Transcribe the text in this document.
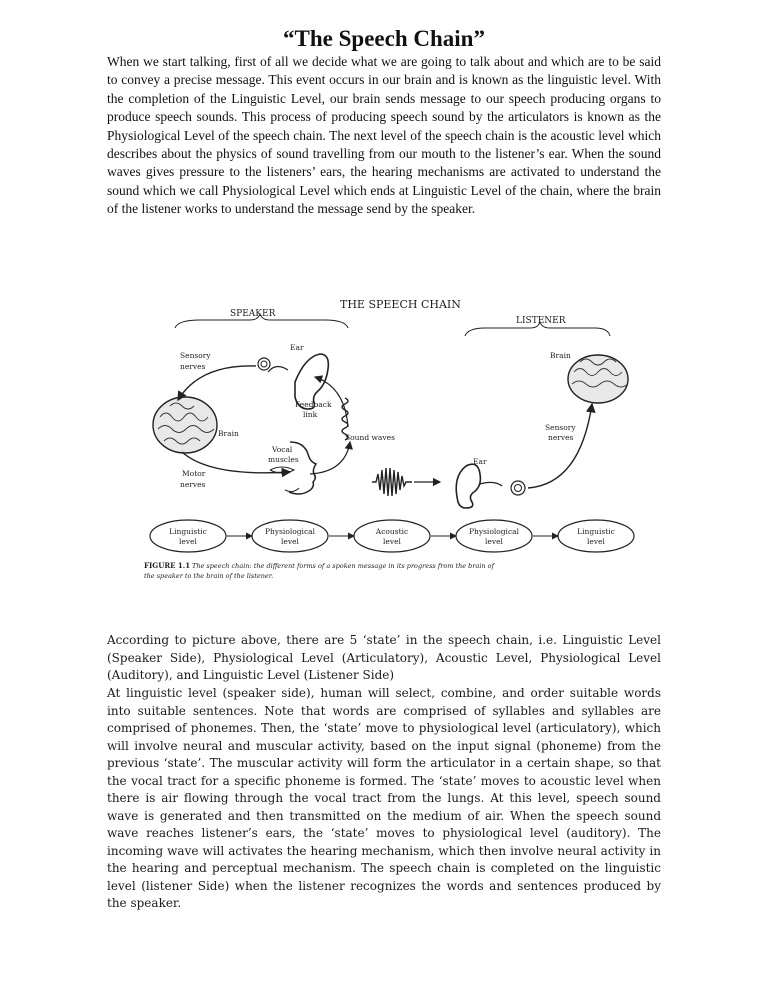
“The Speech Chain”

When we start talking, first of all we decide what we are going to talk about and which are to be said to convey a precise message. This event occurs in our brain and is known as the linguistic level. With the completion of the Linguistic Level, our brain sends message to our speech producing organs to produce speech sounds. This process of producing speech sound by the articulators is known as the Physiological Level of the speech chain. The next level of the speech chain is the acoustic level which describes about the physics of sound travelling from our mouth to the listener’s ear. When the sound waves gives pressure to the listeners’ ears, the hearing mechanisms are activated to understand the sound which we call Physiological Level which ends at Linguistic Level of the chain, where the brain of the listener works to understand the message send by the speaker.

THE SPEECH CHAIN
SPEAKER
LISTENER
Brain
Ear
Sensory
nerves
Vocal
muscles
Motor
nerves
Feedback
link
Sound waves
Ear
Sensory
nerves
Brain
Linguistic
level
Physiological
level
Acoustic
level
Physiological
level
Linguistic
level
FIGURE 1.1 The speech chain: the different forms of a spoken message in its progress from the brain of
the speaker to the brain of the listener.

According to picture above, there are 5 ‘state’ in the speech chain, i.e. Linguistic Level (Speaker Side), Physiological Level (Articulatory), Acoustic Level, Physiological Level (Auditory), and Linguistic Level (Listener Side)

At linguistic level (speaker side), human will select, combine, and order suitable words into suitable sentences. Note that words are comprised of syllables and syllables are comprised of phonemes. Then, the ‘state’ move to physiological level (articulatory), which will involve neural and muscular activity, based on the input signal (phoneme) from the previous ‘state’. The muscular activity will form the articulator in a certain shape, so that the vocal tract for a specific phoneme is formed. The ‘state’ moves to acoustic level when there is air flowing through the vocal tract from the lungs. At this level, speech sound wave is generated and then transmitted on the medium of air. When the speech sound wave reaches listener’s ears, the ‘state’ moves to physiological level (auditory). The incoming wave will activates the hearing mechanism, which then involve neural activity in the hearing and perceptual mechanism. The speech chain is completed on the linguistic level (listener Side) when the listener recognizes the words and sentences produced by the speaker.
